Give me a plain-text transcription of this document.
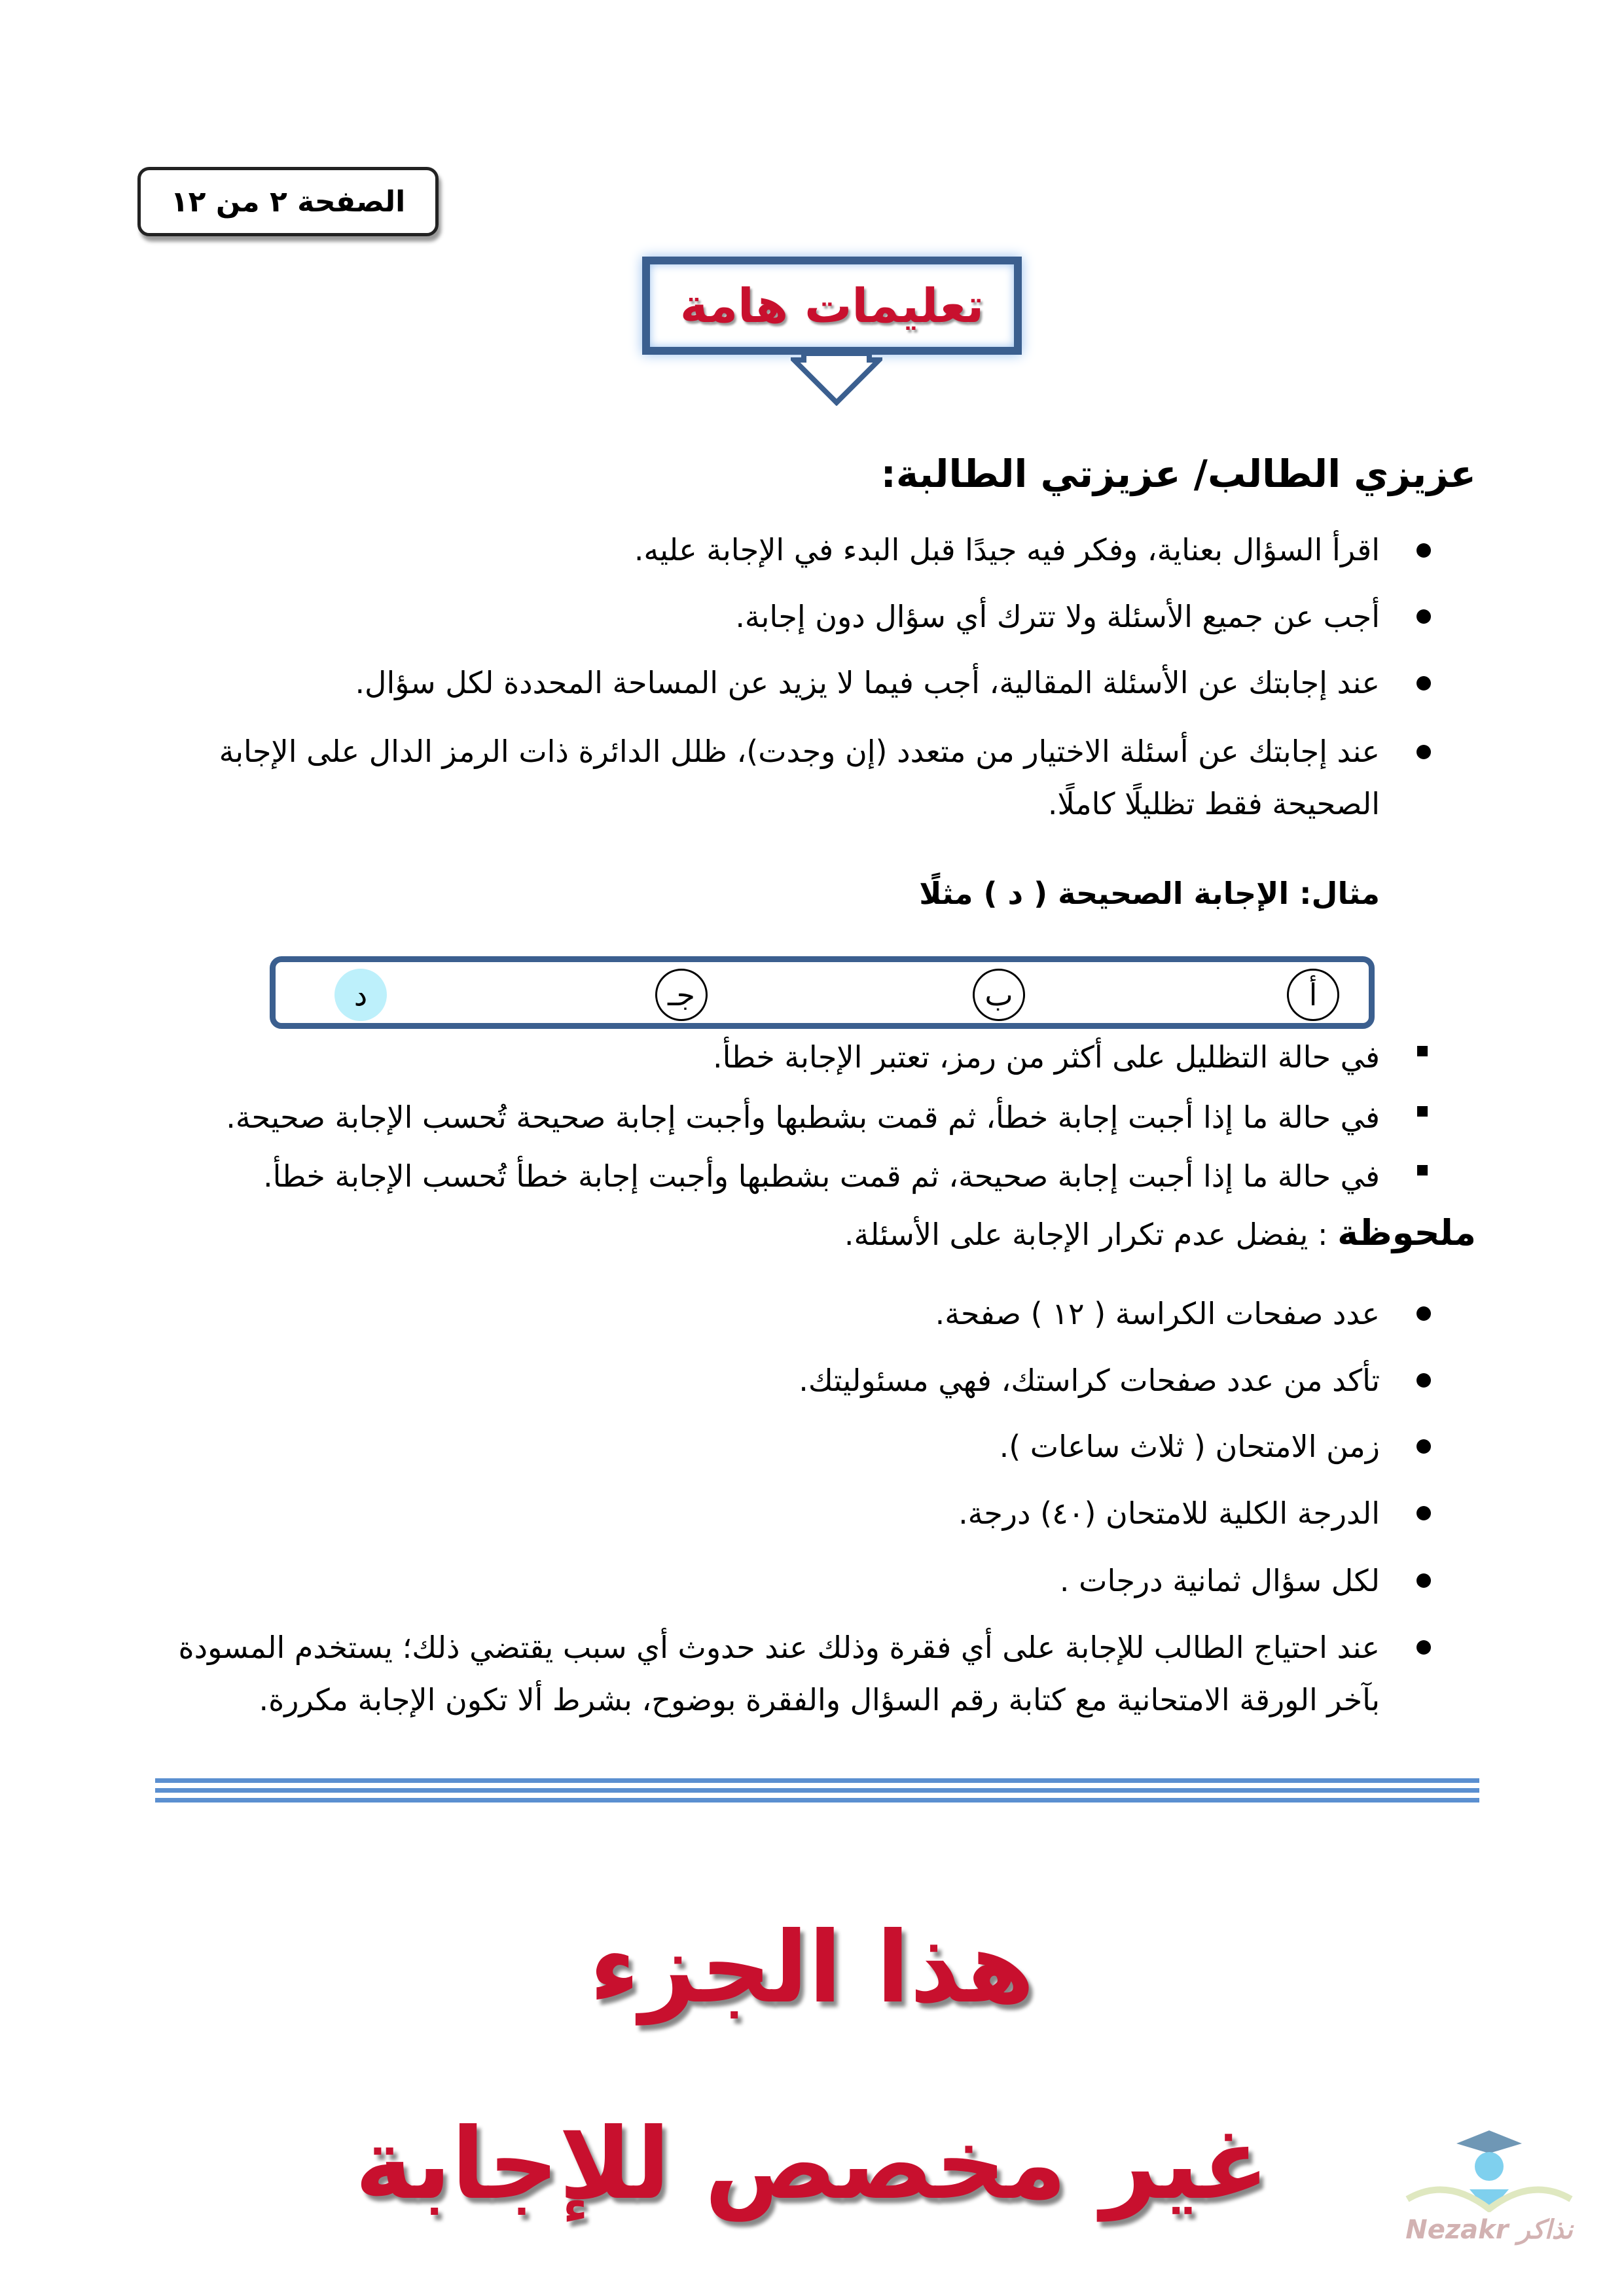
الصفحة ٢ من ١٢
تعليمات هامة
عزيزي الطالب/ عزيزتي الطالبة:
اقرأ السؤال بعناية، وفكر فيه جيدًا قبل البدء في الإجابة عليه.
أجب عن جميع الأسئلة ولا تترك أي سؤال دون إجابة.
عند إجابتك عن الأسئلة المقالية، أجب فيما لا يزيد عن المساحة المحددة لكل سؤال.
عند إجابتك عن أسئلة الاختيار من متعدد (إن وجدت)، ظلل الدائرة ذات الرمز الدال على الإجابة الصحيحة فقط تظليلًا كاملًا.
مثال: الإجابة الصحيحة ( د ) مثلًا
أ
ب
جـ
د
في حالة التظليل على أكثر من رمز، تعتبر الإجابة خطأ.
في حالة ما إذا أجبت إجابة خطأ، ثم قمت بشطبها وأجبت إجابة صحيحة تُحسب الإجابة صحيحة.
في حالة ما إذا أجبت إجابة صحيحة، ثم قمت بشطبها وأجبت إجابة خطأ تُحسب الإجابة خطأ.
ملحوظة : يفضل عدم تكرار الإجابة على الأسئلة.
عدد صفحات الكراسة ( ١٢ ) صفحة.
تأكد من عدد صفحات كراستك، فهي مسئوليتك.
زمن الامتحان ( ثلاث ساعات ).
الدرجة الكلية للامتحان (٤٠) درجة.
لكل سؤال ثمانية درجات .
عند احتياج الطالب للإجابة على أي فقرة وذلك عند حدوث أي سبب يقتضي ذلك؛ يستخدم المسودة بآخر الورقة الامتحانية مع كتابة رقم السؤال والفقرة بوضوح، بشرط ألا تكون الإجابة مكررة.
هذا الجزء
غير مخصص للإجابة
Nezakr نذاكر
